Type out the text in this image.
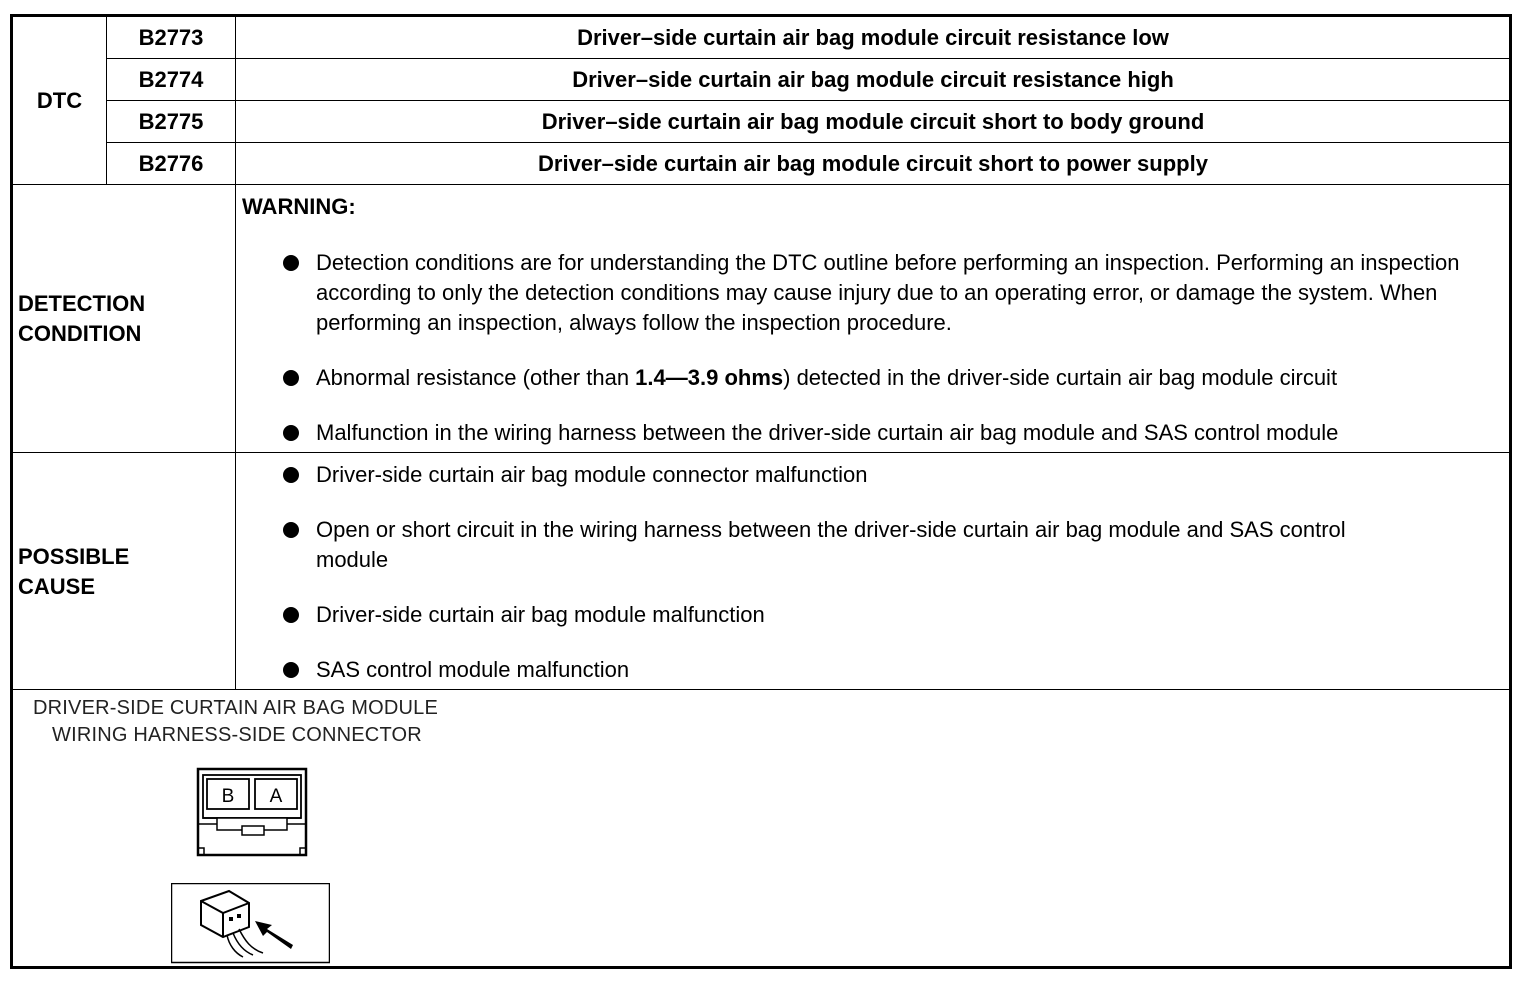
DTC
B2773	Driver–side curtain air bag module circuit resistance low
B2774	Driver–side curtain air bag module circuit resistance high
B2775	Driver–side curtain air bag module circuit short to body ground
B2776	Driver–side curtain air bag module circuit short to power supply
DETECTION
CONDITION
WARNING:
Detection conditions are for understanding the DTC outline before performing an inspection. Performing an inspection according to only the detection conditions may cause injury due to an operating error, or damage the system. When performing an inspection, always follow the inspection procedure.
Abnormal resistance (other than 1.4—3.9 ohms) detected in the driver-side curtain air bag module circuit
Malfunction in the wiring harness between the driver-side curtain air bag module and SAS control module
POSSIBLE
CAUSE
Driver-side curtain air bag module connector malfunction
Open or short circuit in the wiring harness between the driver-side curtain air bag module and SAS control module
Driver-side curtain air bag module malfunction
SAS control module malfunction
DRIVER-SIDE CURTAIN AIR BAG MODULE
WIRING HARNESS-SIDE CONNECTOR
B A
